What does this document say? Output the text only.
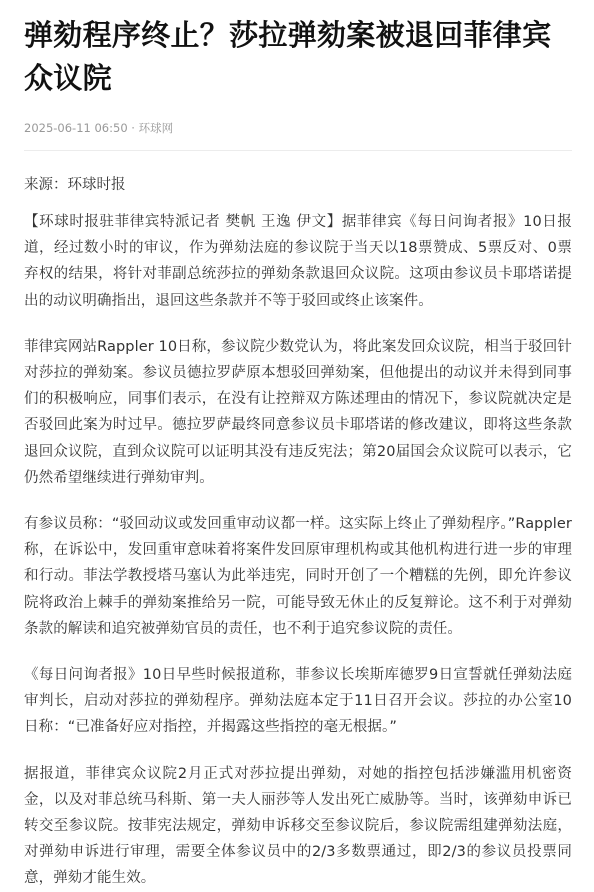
弹劾程序终止？莎拉弹劾案被退回菲律宾众议院
2025-06-11 06:50 · 环球网

来源：环球时报

【环球时报驻菲律宾特派记者 樊帆 王逸 伊文】据菲律宾《每日问询者报》10日报道，经过数小时的审议，作为弹劾法庭的参议院于当天以18票赞成、5票反对、0票弃权的结果，将针对菲副总统莎拉的弹劾条款退回众议院。这项由参议员卡耶塔诺提出的动议明确指出，退回这些条款并不等于驳回或终止该案件。

菲律宾网站Rappler 10日称，参议院少数党认为，将此案发回众议院，相当于驳回针对莎拉的弹劾案。参议员德拉罗萨原本想驳回弹劾案，但他提出的动议并未得到同事们的积极响应，同事们表示，在没有让控辩双方陈述理由的情况下，参议院就决定是否驳回此案为时过早。德拉罗萨最终同意参议员卡耶塔诺的修改建议，即将这些条款退回众议院，直到众议院可以证明其没有违反宪法；第20届国会众议院可以表示，它仍然希望继续进行弹劾审判。

有参议员称：“驳回动议或发回重审动议都一样。这实际上终止了弹劾程序。”Rappler称，在诉讼中，发回重审意味着将案件发回原审理机构或其他机构进行进一步的审理和行动。菲法学教授塔马塞认为此举违宪，同时开创了一个糟糕的先例，即允许参议院将政治上棘手的弹劾案推给另一院，可能导致无休止的反复辩论。这不利于对弹劾条款的解读和追究被弹劾官员的责任，也不利于追究参议院的责任。

《每日问询者报》10日早些时候报道称，菲参议长埃斯库德罗9日宣誓就任弹劾法庭审判长，启动对莎拉的弹劾程序。弹劾法庭本定于11日召开会议。莎拉的办公室10日称：“已准备好应对指控，并揭露这些指控的毫无根据。”

据报道，菲律宾众议院2月正式对莎拉提出弹劾，对她的指控包括涉嫌滥用机密资金，以及对菲总统马科斯、第一夫人丽莎等人发出死亡威胁等。当时，该弹劾申诉已转交至参议院。按菲宪法规定，弹劾申诉移交至参议院后，参议院需组建弹劾法庭，对弹劾申诉进行审理，需要全体参议员中的2/3多数票通过，即2/3的参议员投票同意，弹劾才能生效。
